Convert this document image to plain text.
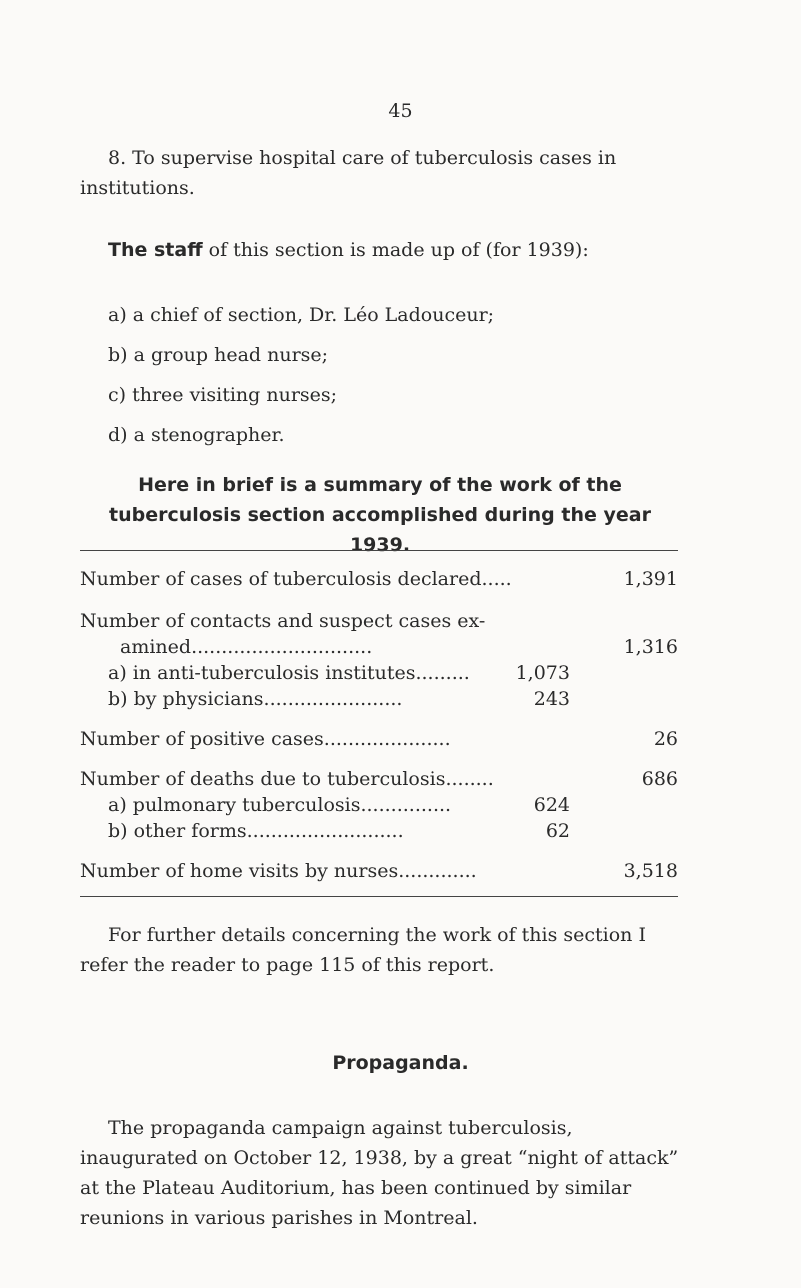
45

8. To supervise hospital care of tuberculosis cases in institutions.

The staff of this section is made up of (for 1939):

a) a chief of section, Dr. Léo Ladouceur;
b) a group head nurse;
c) three visiting nurses;
d) a stenographer.
Here in brief is a summary of the work of the tuberculosis section accomplished during the year 1939.
Number of cases of tuberculosis declared.....	1,391
Number of contacts and suspect cases ex-
amined..............................	1,316
a) in anti-tuberculosis institutes......... 1,073
b) by physicians.......................	243
Number of positive cases.....................	26
Number of deaths due to tuberculosis........	686
a) pulmonary tuberculosis...............	624
b) other forms..........................	62
Number of home visits by nurses.............	3,518

For further details concerning the work of this section I refer the reader to page 115 of this report.

Propaganda.

The propaganda campaign against tuberculosis, inaugurated on October 12, 1938, by a great “night of attack” at the Plateau Auditorium, has been continued by similar reunions in various parishes in Montreal.
